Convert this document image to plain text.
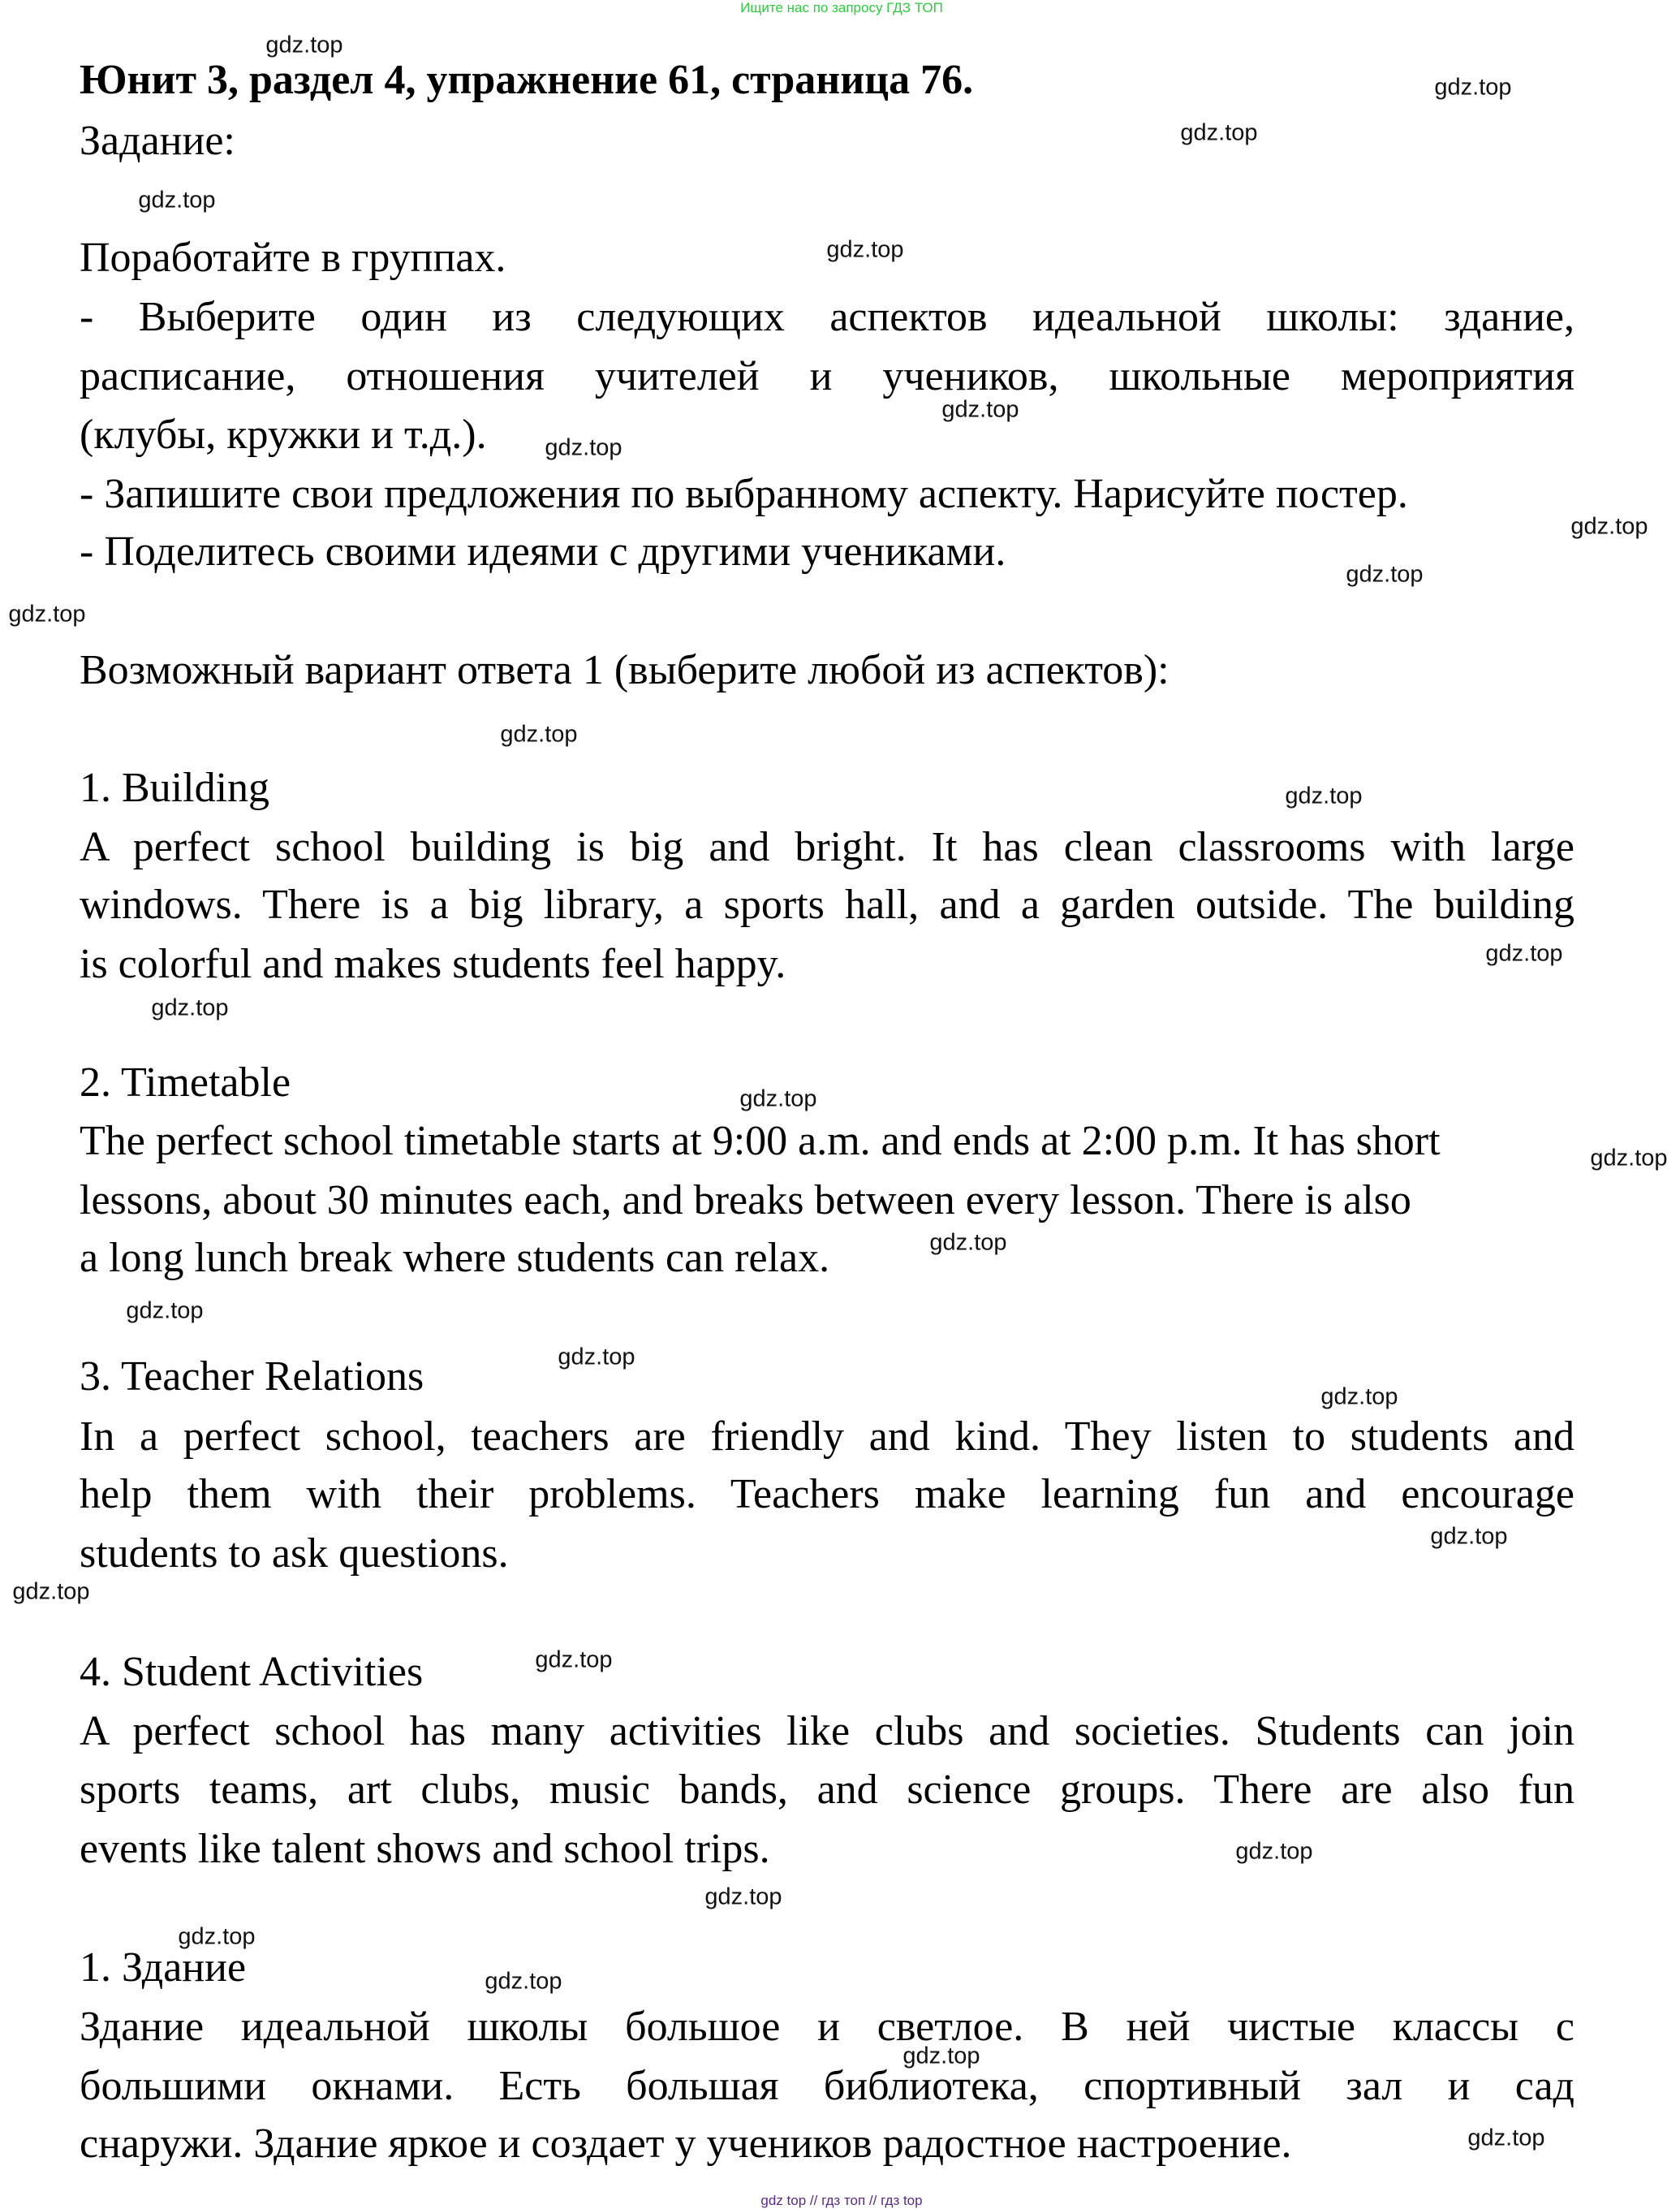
Ищите нас по запросу ГДЗ ТОП
Юнит 3, раздел 4, упражнение 61, страница 76.
Задание:
Поработайте в группах.
- Выберите один из следующих аспектов идеальной школы: здание,
расписание, отношения учителей и учеников, школьные мероприятия
(клубы, кружки и т.д.).
- Запишите свои предложения по выбранному аспекту. Нарисуйте постер.
- Поделитесь своими идеями с другими учениками.
Возможный вариант ответа 1 (выберите любой из аспектов):
1. Building
A perfect school building is big and bright. It has clean classrooms with large
windows. There is a big library, a sports hall, and a garden outside. The building
is colorful and makes students feel happy.
2. Timetable
The perfect school timetable starts at 9:00 a.m. and ends at 2:00 p.m. It has short
lessons, about 30 minutes each, and breaks between every lesson. There is also
a long lunch break where students can relax.
3. Teacher Relations
In a perfect school, teachers are friendly and kind. They listen to students and
help them with their problems. Teachers make learning fun and encourage
students to ask questions.
4. Student Activities
A perfect school has many activities like clubs and societies. Students can join
sports teams, art clubs, music bands, and science groups. There are also fun
events like talent shows and school trips.
1. Здание
Здание идеальной школы большое и светлое. В ней чистые классы с
большими окнами. Есть большая библиотека, спортивный зал и сад
снаружи. Здание яркое и создает у учеников радостное настроение.
gdz.top
gdz.top
gdz.top
gdz.top
gdz.top
gdz.top
gdz.top
gdz.top
gdz.top
gdz.top
gdz.top
gdz.top
gdz.top
gdz.top
gdz.top
gdz.top
gdz.top
gdz.top
gdz.top
gdz.top
gdz.top
gdz.top
gdz.top
gdz.top
gdz.top
gdz.top
gdz.top
gdz.top
gdz.top
gdz top // гдз топ // гдз top
